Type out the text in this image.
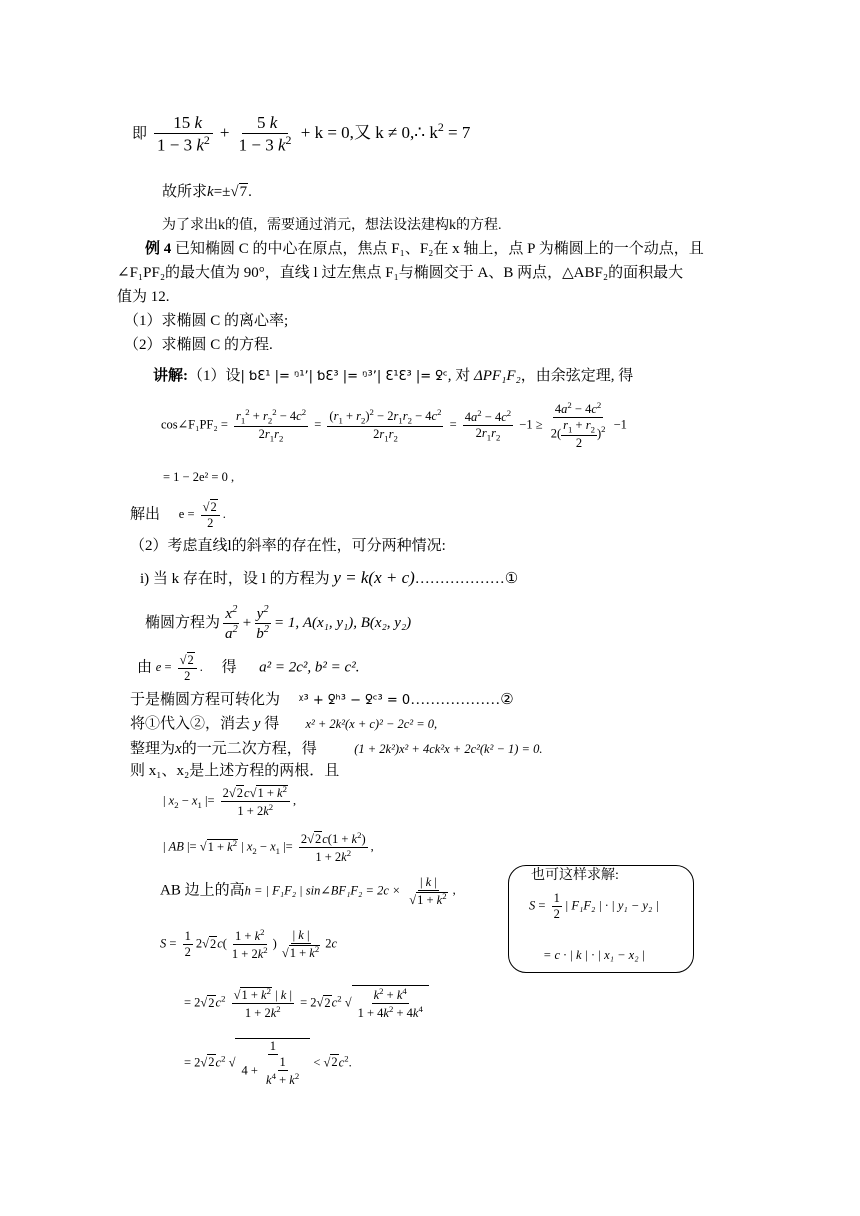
即 $\frac{15 k}{1 - 3 k^2} + \frac{5 k}{1 - 3 k^2} + k = 0$,又 k ≠ 0,∴ $k^2 = 7$
故所求k=±√7.
为了求出k的值，需要通过消元，想法设法建构k的方程.
例 4 已知椭圆 C 的中心在原点，焦点 F₁、F₂在 x 轴上，点 P 为椭圆上的一个动点，且
∠F₁PF₂的最大值为 90°，直线 l 过左焦点 F₁与椭圆交于 A、B 两点，△ABF₂的面积最大
值为 12.
（1）求椭圆 C 的离心率;
（2）求椭圆 C 的方程.
讲解:（1）设| ƅƐ¹ |= ᵑ¹ʼ| ƅƐ³ |= ᵑ³ʼ| Ɛ¹Ɛ³ |= ꝿᶜ, 对 ΔPF₁F₂，由余弦定理, 得
cos∠F₁PF₂ = $\frac{r_1^2 + r_2^2 - 4c^2}{2r_1r_2} = \frac{(r_1 + r_2)^2 - 2r_1r_2 - 4c^2}{2r_1r_2} = \frac{4a^2 - 4c^2}{2r_1r_2} -1 \ge \frac{4a^2 - 4c^2}{2( \frac{r_1 + r_2}{2} )^2} -1$
= 1 − 2e² = 0 ,
解出 $e = \frac{√2}{2}$ .
（2）考虑直线l的斜率的存在性，可分两种情况:
i) 当 k 存在时，设 l 的方程为 y = k(x + c)………………①
椭圆方程为 $\frac{x^2}{a^2} + \frac{y^2}{b^2} = 1$, A(x₁, y₁), B(x₂, y₂)
由 $e = \frac{√2}{2}$ . 得 a² = 2c², b² = c².
于是椭圆方程可转化为 ᵡ³ + ꝿʰ³ − ꝿᶜ³ = 0………………②
将①代入②，消去 y 得 x² + 2k²(x + c)² − 2c² = 0,
整理为x的一元二次方程，得	(1 + 2k²)x² + 4ck²x + 2c²(k² − 1) = 0.
则 x₁、x₂是上述方程的两根．且
| $x_2 - x_1$ |= $\frac{2√2c√1 + k^2}{1 + 2k^2}$ ,
| AB |= $√1 + k^2$ | $x_2 - x_1$ |= $\frac{2√2c(1 + k^2)}{1 + 2k^2}$ ,
AB 边上的高h = | F₁F₂ | sin∠BF₁F₂ = $2c \times \frac{| k |}{√1 + k^2}$ ,
$S = \frac{1}{2} 2√2c( \frac{1 + k^2}{1 + 2k^2}$ ) $\frac{| k |}{√1 + k^2} 2c$
= $2√2c^2 \frac{√1 + k^2 | k |}{1 + 2k^2} = 2√2c^2$ √ $\frac{k^2 + k^4}{1 + 4k^2 + 4k^4}$
= $2√2c^2$ √ $\frac{1}{4 + \frac{1}{k^4 + k^2}} < √2c^2$.
也可这样求解:
$S = \frac{1}{2}$ | F₁F₂ | · | y₁ − y₂ |
= c · | k | · | x₁ − x₂ |
